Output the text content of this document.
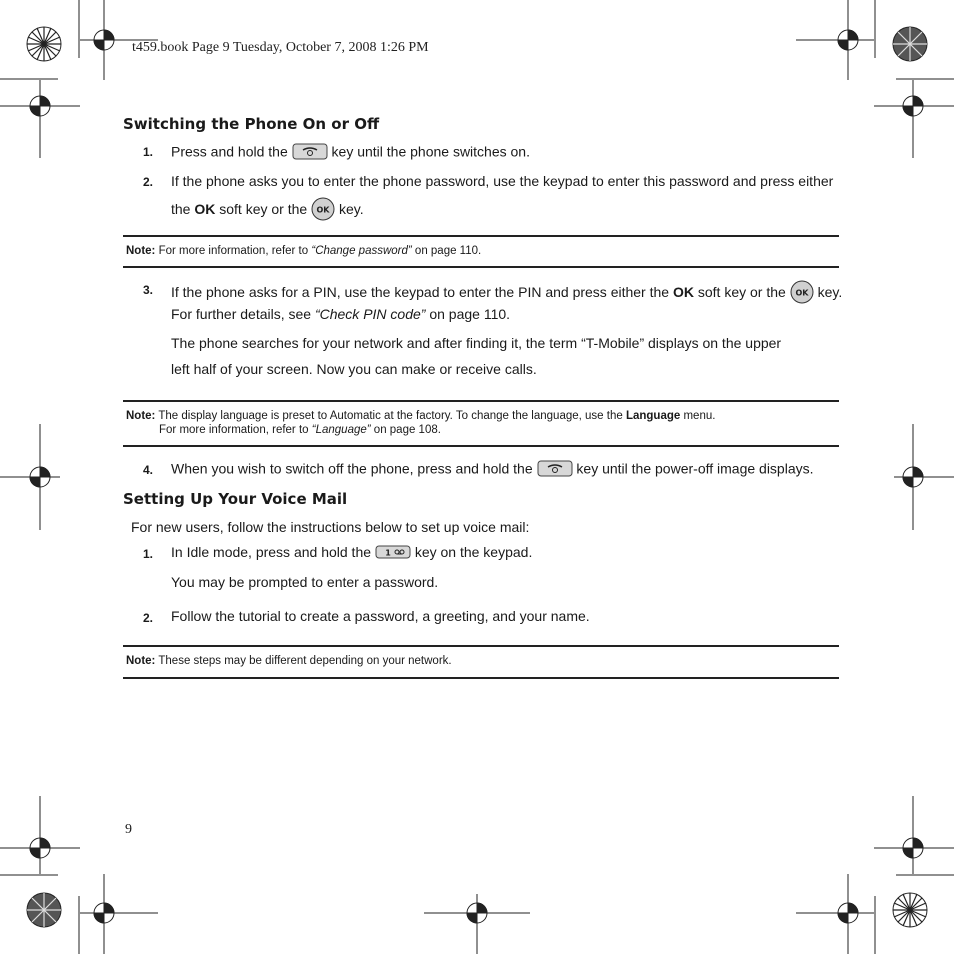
t459.book Page 9 Tuesday, October 7, 2008 1:26 PM
Switching the Phone On or Off
1. Press and hold the	key until the phone switches on.
2. If the phone asks you to enter the phone password, use the keypad to enter this password and press either
the OK soft key or the OK key.
Note: For more information, refer to “Change password” on page 110.
3. If the phone asks for a PIN, use the keypad to enter the PIN and press either the OK soft key or the OK key.
For further details, see “Check PIN code” on page 110.
The phone searches for your network and after finding it, the term “T-Mobile” displays on the upper
left half of your screen. Now you can make or receive calls.
Note: The display language is preset to Automatic at the factory. To change the language, use the Language menu.
For more information, refer to “Language” on page 108.
4. When you wish to switch off the phone, press and hold the	key until the power-off image displays.
Setting Up Your Voice Mail
For new users, follow the instructions below to set up voice mail:
1. In Idle mode, press and hold the 1 key on the keypad.
You may be prompted to enter a password.
2. Follow the tutorial to create a password, a greeting, and your name.
Note: These steps may be different depending on your network.
9
